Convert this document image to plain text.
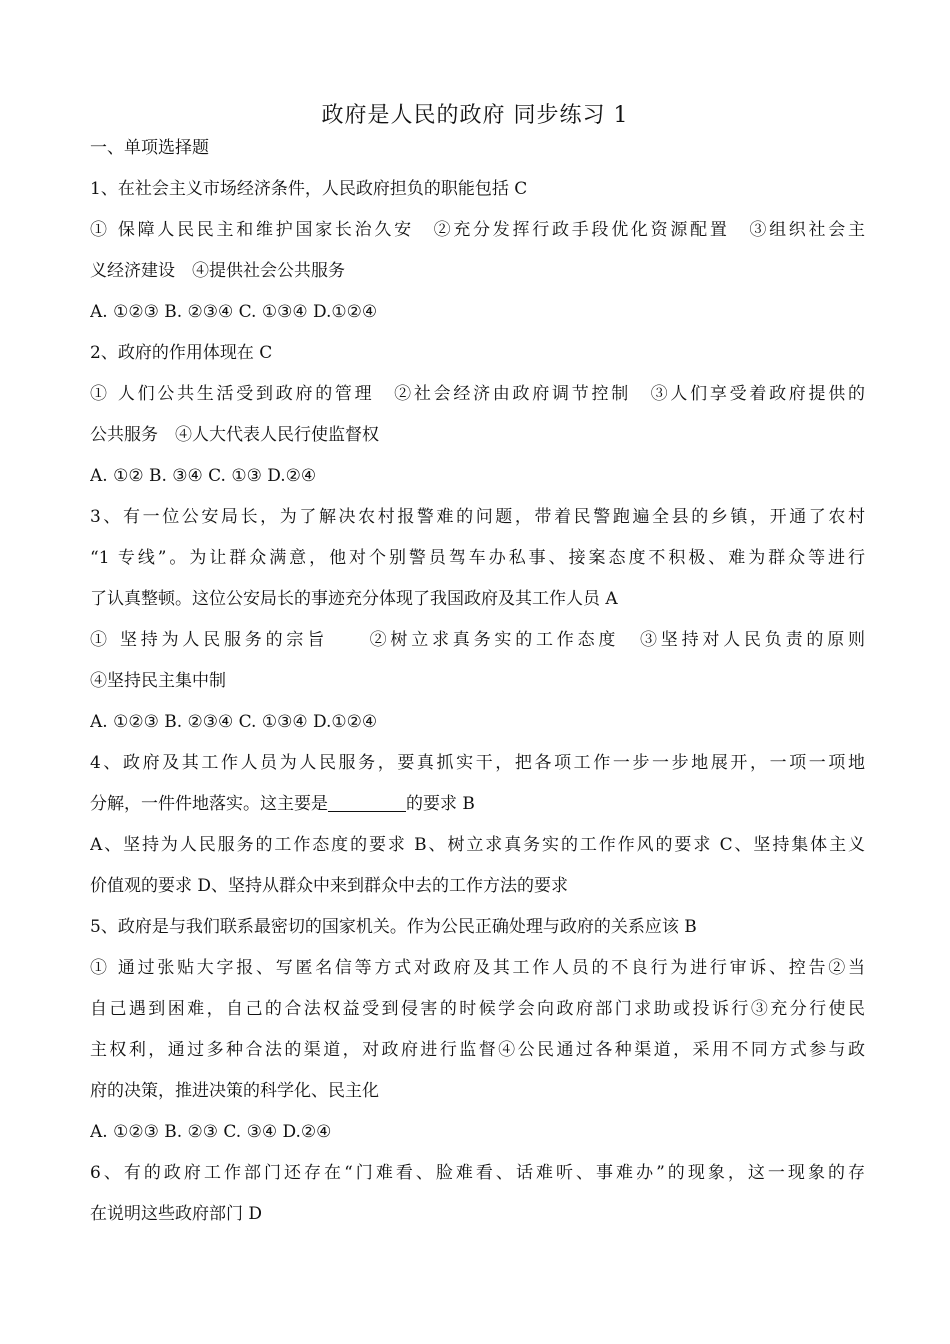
政府是人民的政府 同步练习 1
一、单项选择题
1、在社会主义市场经济条件，人民政府担负的职能包括 C
① 保障人民民主和维护国家长治久安　②充分发挥行政手段优化资源配置　③组织社会主
义经济建设　④提供社会公共服务
A. ①②③ B. ②③④ C. ①③④ D.①②④
2、政府的作用体现在 C
① 人们公共生活受到政府的管理　②社会经济由政府调节控制　③人们享受着政府提供的
公共服务　④人大代表人民行使监督权
A. ①② B. ③④ C. ①③ D.②④
3、有一位公安局长，为了解决农村报警难的问题，带着民警跑遍全县的乡镇，开通了农村
“1 专线”。为让群众满意，他对个别警员驾车办私事、接案态度不积极、难为群众等进行
了认真整顿。这位公安局长的事迹充分体现了我国政府及其工作人员 A
① 坚持为人民服务的宗旨　　②树立求真务实的工作态度　③坚持对人民负责的原则
④坚持民主集中制
A. ①②③ B. ②③④ C. ①③④ D.①②④
4、政府及其工作人员为人民服务，要真抓实干，把各项工作一步一步地展开，一项一项地
分解，一件件地落实。这主要是	的要求 B
A、坚持为人民服务的工作态度的要求 B、树立求真务实的工作作风的要求 C、坚持集体主义
价值观的要求 D、坚持从群众中来到群众中去的工作方法的要求
5、政府是与我们联系最密切的国家机关。作为公民正确处理与政府的关系应该 B
① 通过张贴大字报、写匿名信等方式对政府及其工作人员的不良行为进行审诉、控告②当
自己遇到困难，自己的合法权益受到侵害的时候学会向政府部门求助或投诉行③充分行使民
主权利，通过多种合法的渠道，对政府进行监督④公民通过各种渠道，采用不同方式参与政
府的决策，推进决策的科学化、民主化
A. ①②③ B. ②③ C. ③④ D.②④
6、有的政府工作部门还存在“门难看、脸难看、话难听、事难办”的现象，这一现象的存
在说明这些政府部门 D
